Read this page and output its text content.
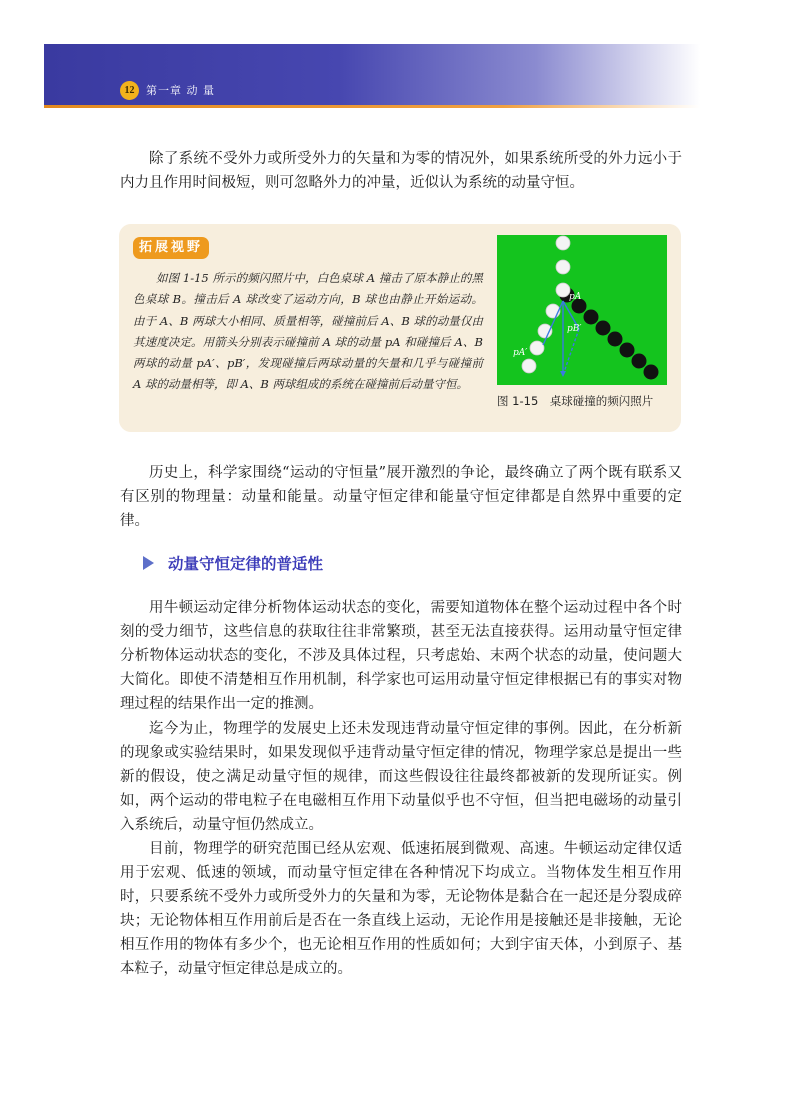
12	第一章 动 量

除了系统不受外力或所受外力的矢量和为零的情况外，如果系统所受的外力远小于内力且作用时间极短，则可忽略外力的冲量，近似认为系统的动量守恒。

拓展视野

如图 1-15 所示的频闪照片中，白色桌球 A 撞击了原本静止的黑色桌球 B。撞击后 A 球改变了运动方向，B 球也由静止开始运动。由于 A、B 两球大小相同、质量相等，碰撞前后 A、B 球的动量仅由其速度决定。用箭头分别表示碰撞前 A 球的动量 pA 和碰撞后 A、B 两球的动量 pA′、pB′，发现碰撞后两球动量的矢量和几乎与碰撞前 A 球的动量相等，即 A、B 两球组成的系统在碰撞前后动量守恒。

pA
pB′
pA′
图 1-15　桌球碰撞的频闪照片

历史上，科学家围绕“运动的守恒量”展开激烈的争论，最终确立了两个既有联系又有区别的物理量：动量和能量。动量守恒定律和能量守恒定律都是自然界中重要的定律。

动量守恒定律的普适性

用牛顿运动定律分析物体运动状态的变化，需要知道物体在整个运动过程中各个时刻的受力细节，这些信息的获取往往非常繁琐，甚至无法直接获得。运用动量守恒定律分析物体运动状态的变化，不涉及具体过程，只考虑始、末两个状态的动量，使问题大大简化。即使不清楚相互作用机制，科学家也可运用动量守恒定律根据已有的事实对物理过程的结果作出一定的推测。

迄今为止，物理学的发展史上还未发现违背动量守恒定律的事例。因此，在分析新的现象或实验结果时，如果发现似乎违背动量守恒定律的情况，物理学家总是提出一些新的假设，使之满足动量守恒的规律，而这些假设往往最终都被新的发现所证实。例如，两个运动的带电粒子在电磁相互作用下动量似乎也不守恒，但当把电磁场的动量引入系统后，动量守恒仍然成立。

目前，物理学的研究范围已经从宏观、低速拓展到微观、高速。牛顿运动定律仅适用于宏观、低速的领域，而动量守恒定律在各种情况下均成立。当物体发生相互作用时，只要系统不受外力或所受外力的矢量和为零，无论物体是黏合在一起还是分裂成碎块；无论物体相互作用前后是否在一条直线上运动，无论作用是接触还是非接触，无论相互作用的物体有多少个，也无论相互作用的性质如何；大到宇宙天体，小到原子、基本粒子，动量守恒定律总是成立的。
